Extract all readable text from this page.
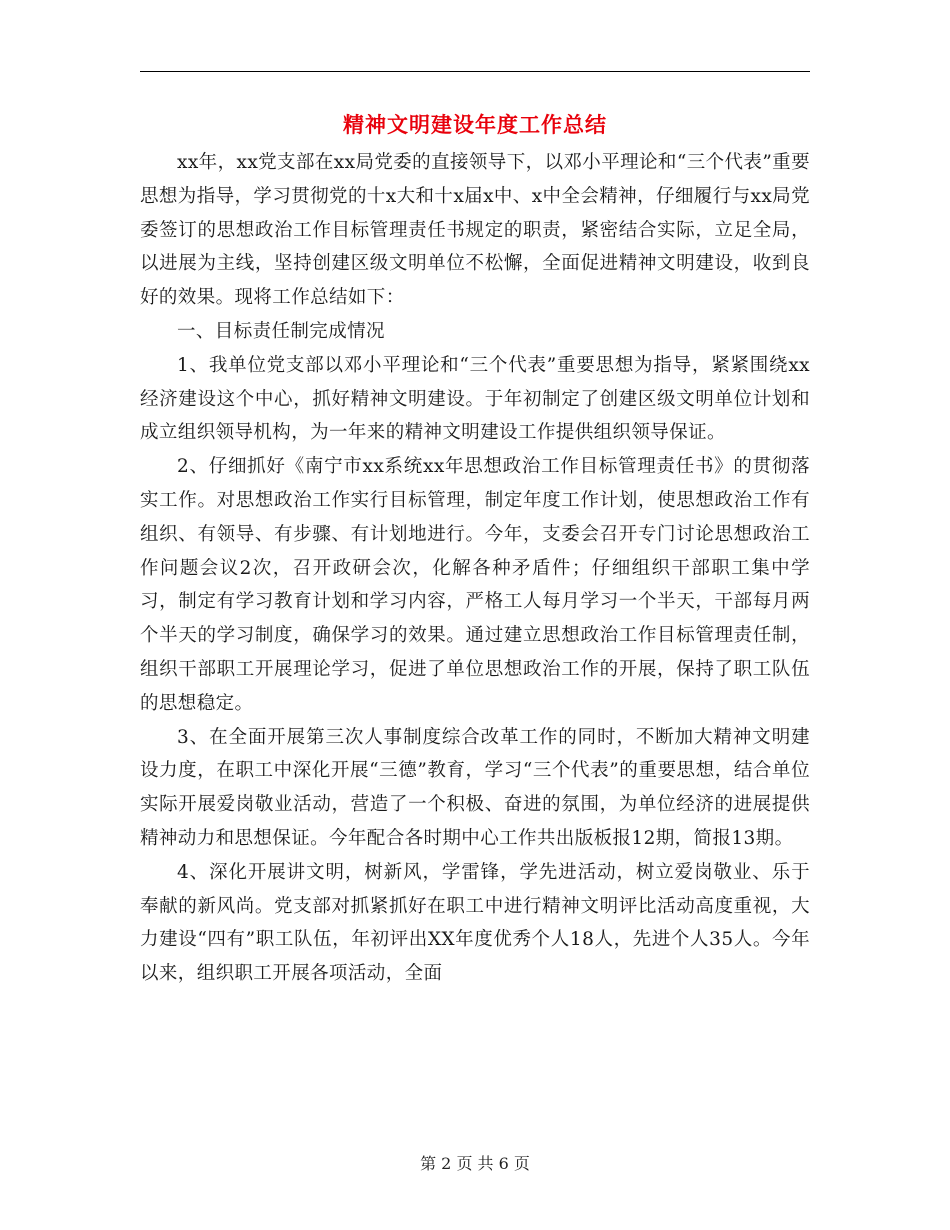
精神文明建设年度工作总结

xx年，xx党支部在xx局党委的直接领导下，以邓小平理论和“三个代表”重要思想为指导，学习贯彻党的十x大和十x届x中、x中全会精神，仔细履行与xx局党委签订的思想政治工作目标管理责任书规定的职责，紧密结合实际，立足全局，以进展为主线，坚持创建区级文明单位不松懈，全面促进精神文明建设，收到良好的效果。现将工作总结如下：

一、目标责任制完成情况

1、我单位党支部以邓小平理论和“三个代表”重要思想为指导，紧紧围绕xx经济建设这个中心，抓好精神文明建设。于年初制定了创建区级文明单位计划和成立组织领导机构，为一年来的精神文明建设工作提供组织领导保证。

2、仔细抓好《南宁市xx系统xx年思想政治工作目标管理责任书》的贯彻落实工作。对思想政治工作实行目标管理，制定年度工作计划，使思想政治工作有组织、有领导、有步骤、有计划地进行。今年，支委会召开专门讨论思想政治工作问题会议2次，召开政研会次，化解各种矛盾件；仔细组织干部职工集中学习，制定有学习教育计划和学习内容，严格工人每月学习一个半天，干部每月两个半天的学习制度，确保学习的效果。通过建立思想政治工作目标管理责任制，组织干部职工开展理论学习，促进了单位思想政治工作的开展，保持了职工队伍的思想稳定。

3、在全面开展第三次人事制度综合改革工作的同时，不断加大精神文明建设力度，在职工中深化开展“三德”教育，学习“三个代表”的重要思想，结合单位实际开展爱岗敬业活动，营造了一个积极、奋进的氛围，为单位经济的进展提供精神动力和思想保证。今年配合各时期中心工作共出版板报12期，简报13期。

4、深化开展讲文明，树新风，学雷锋，学先进活动，树立爱岗敬业、乐于奉献的新风尚。党支部对抓紧抓好在职工中进行精神文明评比活动高度重视，大力建设“四有”职工队伍，年初评出XX年度优秀个人18人，先进个人35人。今年以来，组织职工开展各项活动，全面

第 2 页 共 6 页
